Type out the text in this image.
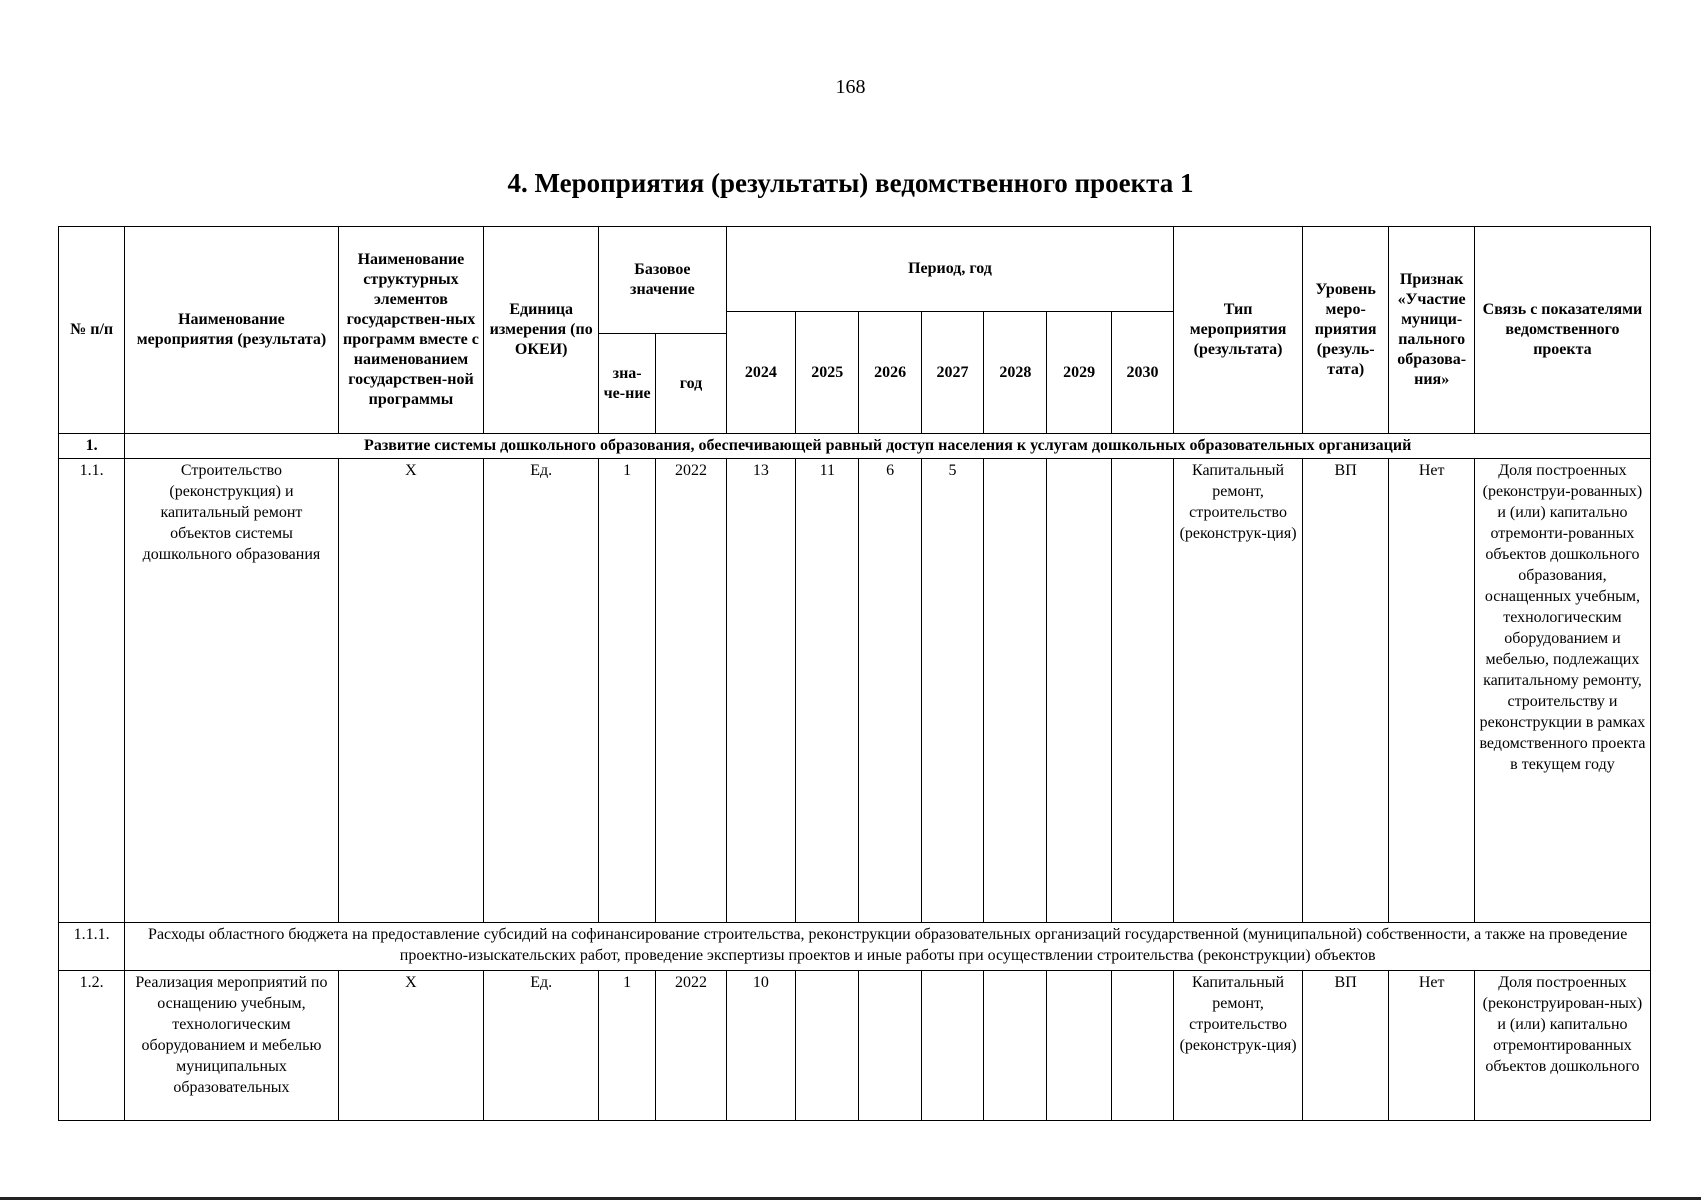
168
4. Мероприятия (результаты) ведомственного проекта 1
№ п/п	Наименование мероприятия (результата)	Наименование структурных элементов государствен-ных программ вместе с наименованием государствен-ной программы	Единица измерения (по ОКЕИ)	Базовое значение		Период, год							Тип мероприятия (результата)	Уровень меро-приятия (резуль-тата)	Признак «Участие муници-пального образова-ния»	Связь с показателями ведомственного проекта
						2024	2025	2026	2027	2028	2029	2030				
				зна-че-ние	год											
1.	Развитие системы дошкольного образования, обеспечивающей равный доступ населения к услугам дошкольных образовательных организаций															
1.1.	Строительство (реконструкция) и капитальный ремонт объектов системы дошкольного образования	Х	Ед.	1	2022	13	11	6	5				Капитальный ремонт, строительство (реконструк-ция)	ВП	Нет	Доля построенных (реконструи-рованных) и (или) капитально отремонти-рованных объектов дошкольного образования, оснащенных учебным, технологическим оборудованием и мебелью, подлежащих капитальному ремонту, строительству и реконструкции в рамках ведомственного проекта в текущем году
1.1.1.	Расходы областного бюджета на предоставление субсидий на софинансирование строительства, реконструкции образовательных организаций государственной (муниципальной) собственности, а также на проведение проектно-изыскательских работ, проведение экспертизы проектов и иные работы при осуществлении строительства (реконструкции) объектов															
1.2.	Реализация мероприятий по оснащению учебным, технологическим оборудованием и мебелью муниципальных образовательных	Х	Ед.	1	2022	10							Капитальный ремонт, строительство (реконструк-ция)	ВП	Нет	Доля построенных (реконструирован-ных) и (или) капитально отремонтированных объектов дошкольного
